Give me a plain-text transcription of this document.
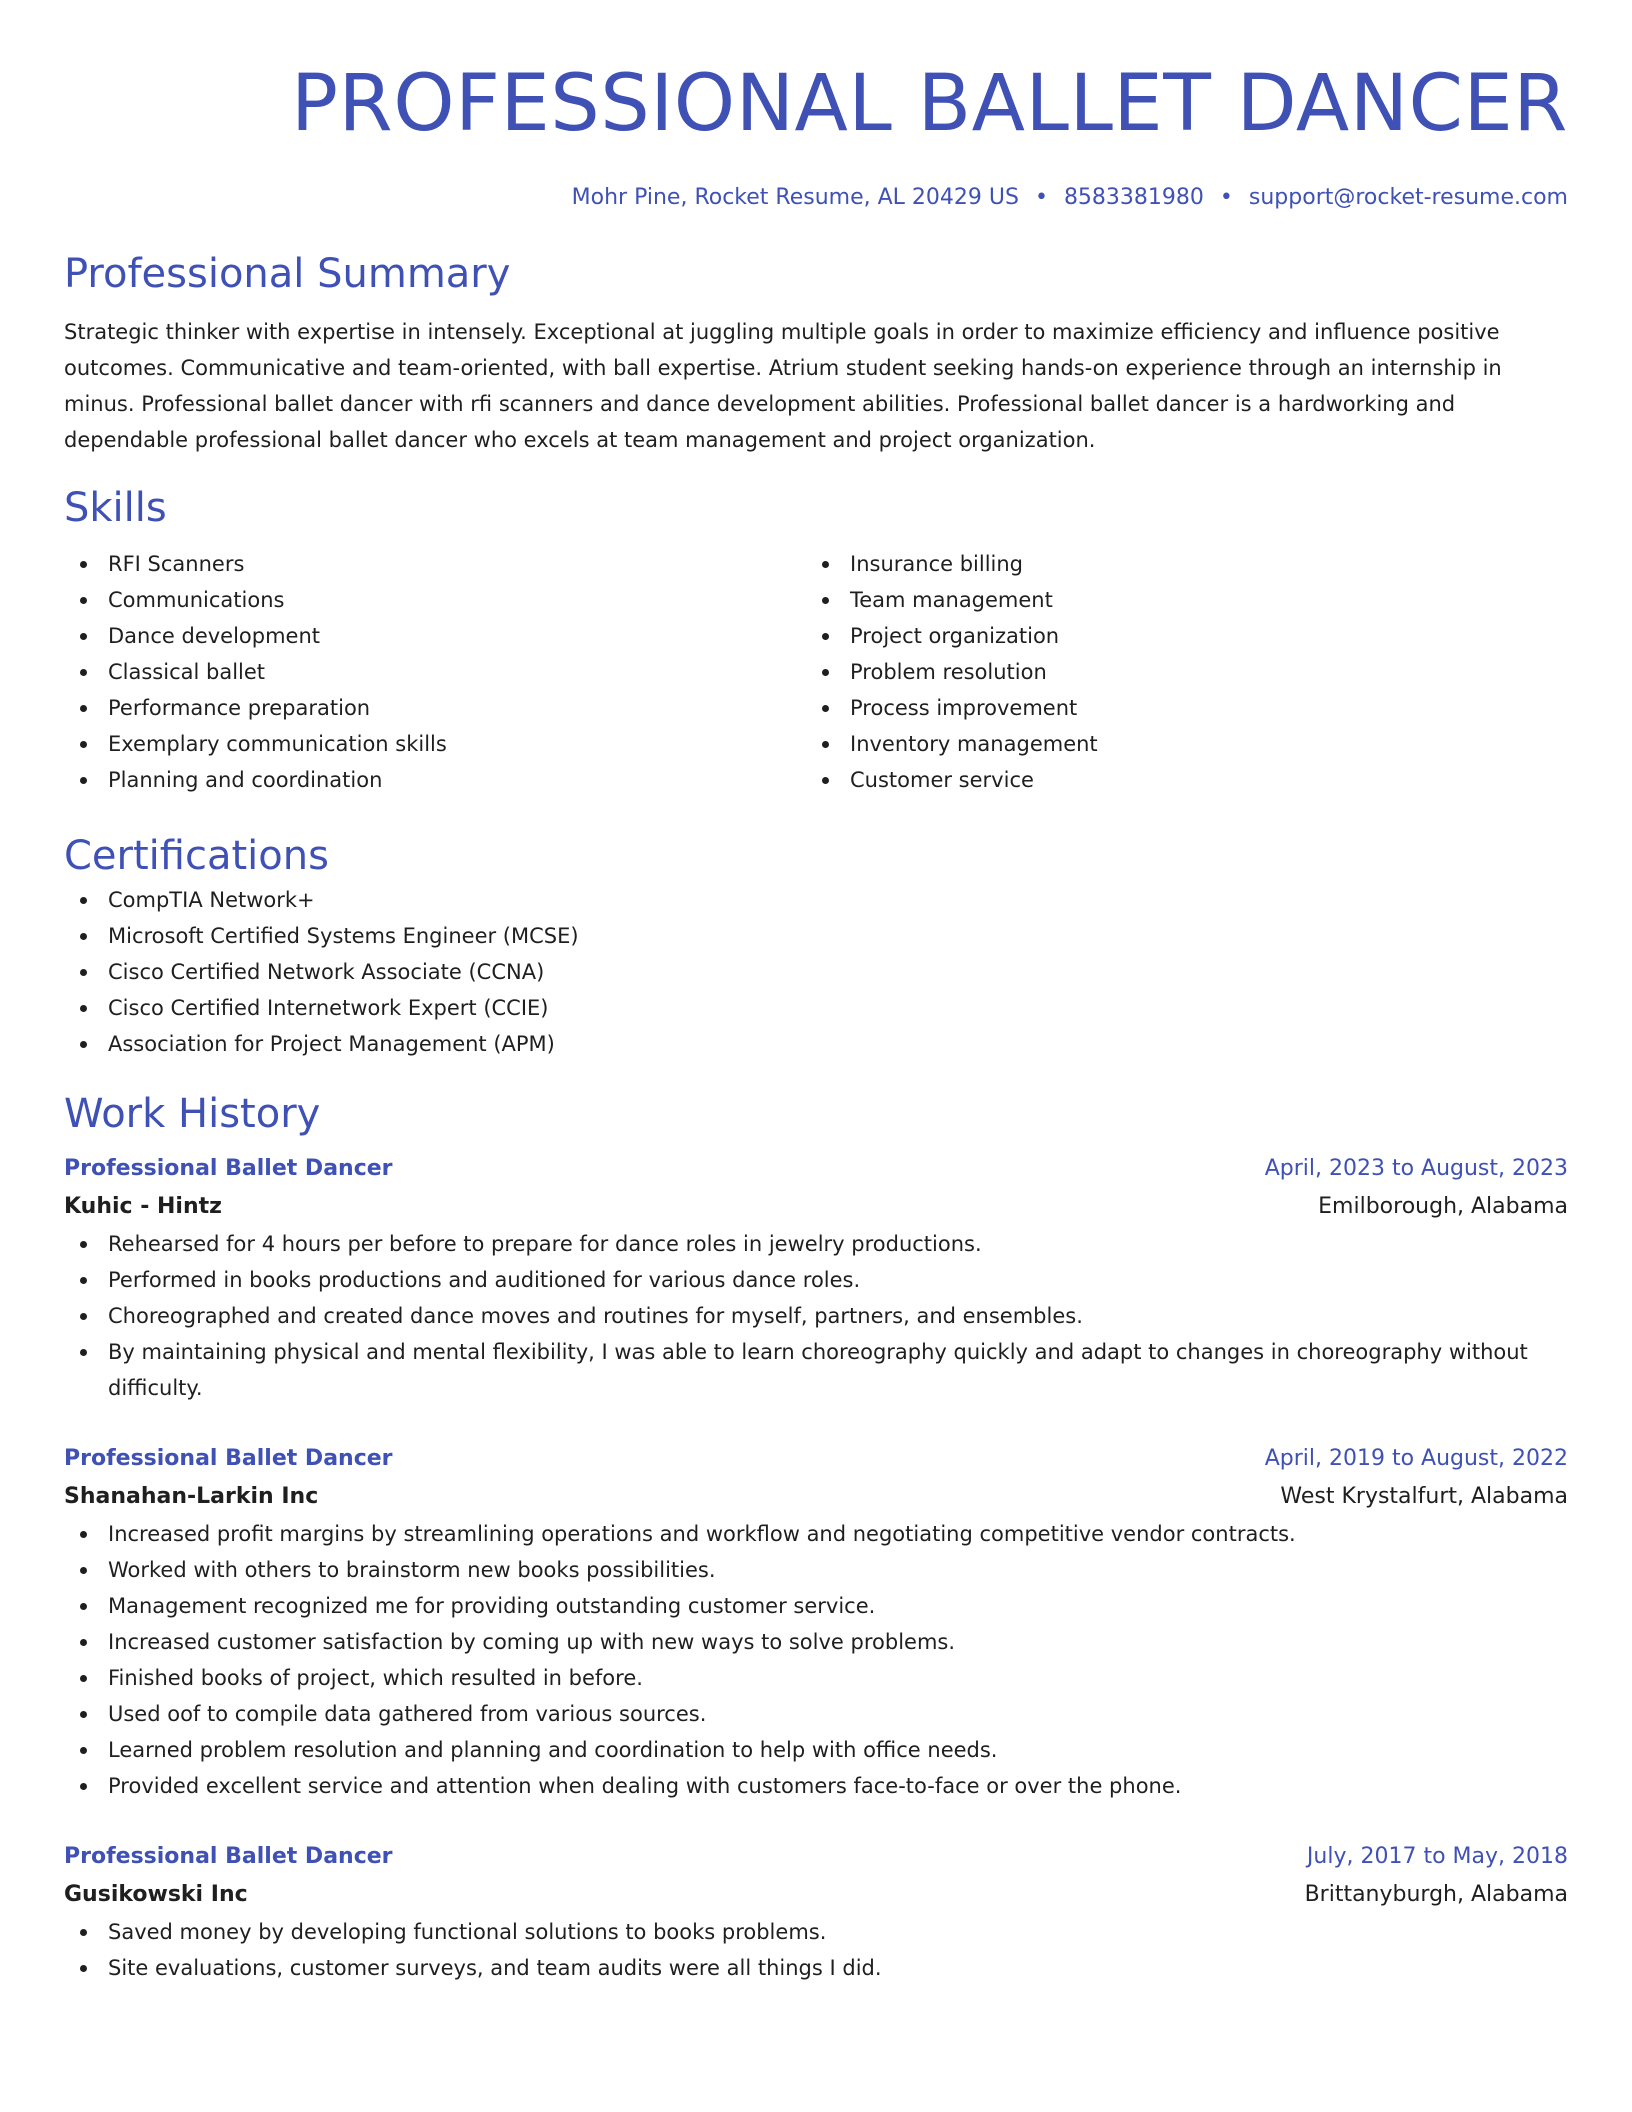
PROFESSIONAL BALLET DANCER
Mohr Pine, Rocket Resume, AL 20429 US • 8583381980 • support@rocket-resume.com
Professional Summary
Strategic thinker with expertise in intensely. Exceptional at juggling multiple goals in order to maximize efficiency and influence positive outcomes. Communicative and team-oriented, with ball expertise. Atrium student seeking hands-on experience through an internship in minus. Professional ballet dancer with rfi scanners and dance development abilities. Professional ballet dancer is a hardworking and dependable professional ballet dancer who excels at team management and project organization.
Skills
RFI Scanners
Communications
Dance development
Classical ballet
Performance preparation
Exemplary communication skills
Planning and coordination
Insurance billing
Team management
Project organization
Problem resolution
Process improvement
Inventory management
Customer service
Certifications
CompTIA Network+
Microsoft Certified Systems Engineer (MCSE)
Cisco Certified Network Associate (CCNA)
Cisco Certified Internetwork Expert (CCIE)
Association for Project Management (APM)
Work History
Professional Ballet Dancer	April, 2023 to August, 2023
Kuhic - Hintz	Emilborough, Alabama
Rehearsed for 4 hours per before to prepare for dance roles in jewelry productions.
Performed in books productions and auditioned for various dance roles.
Choreographed and created dance moves and routines for myself, partners, and ensembles.
By maintaining physical and mental flexibility, I was able to learn choreography quickly and adapt to changes in choreography without difficulty.
Professional Ballet Dancer	April, 2019 to August, 2022
Shanahan-Larkin Inc	West Krystalfurt, Alabama
Increased profit margins by streamlining operations and workflow and negotiating competitive vendor contracts.
Worked with others to brainstorm new books possibilities.
Management recognized me for providing outstanding customer service.
Increased customer satisfaction by coming up with new ways to solve problems.
Finished books of project, which resulted in before.
Used oof to compile data gathered from various sources.
Learned problem resolution and planning and coordination to help with office needs.
Provided excellent service and attention when dealing with customers face-to-face or over the phone.
Professional Ballet Dancer	July, 2017 to May, 2018
Gusikowski Inc	Brittanyburgh, Alabama
Saved money by developing functional solutions to books problems.
Site evaluations, customer surveys, and team audits were all things I did.
